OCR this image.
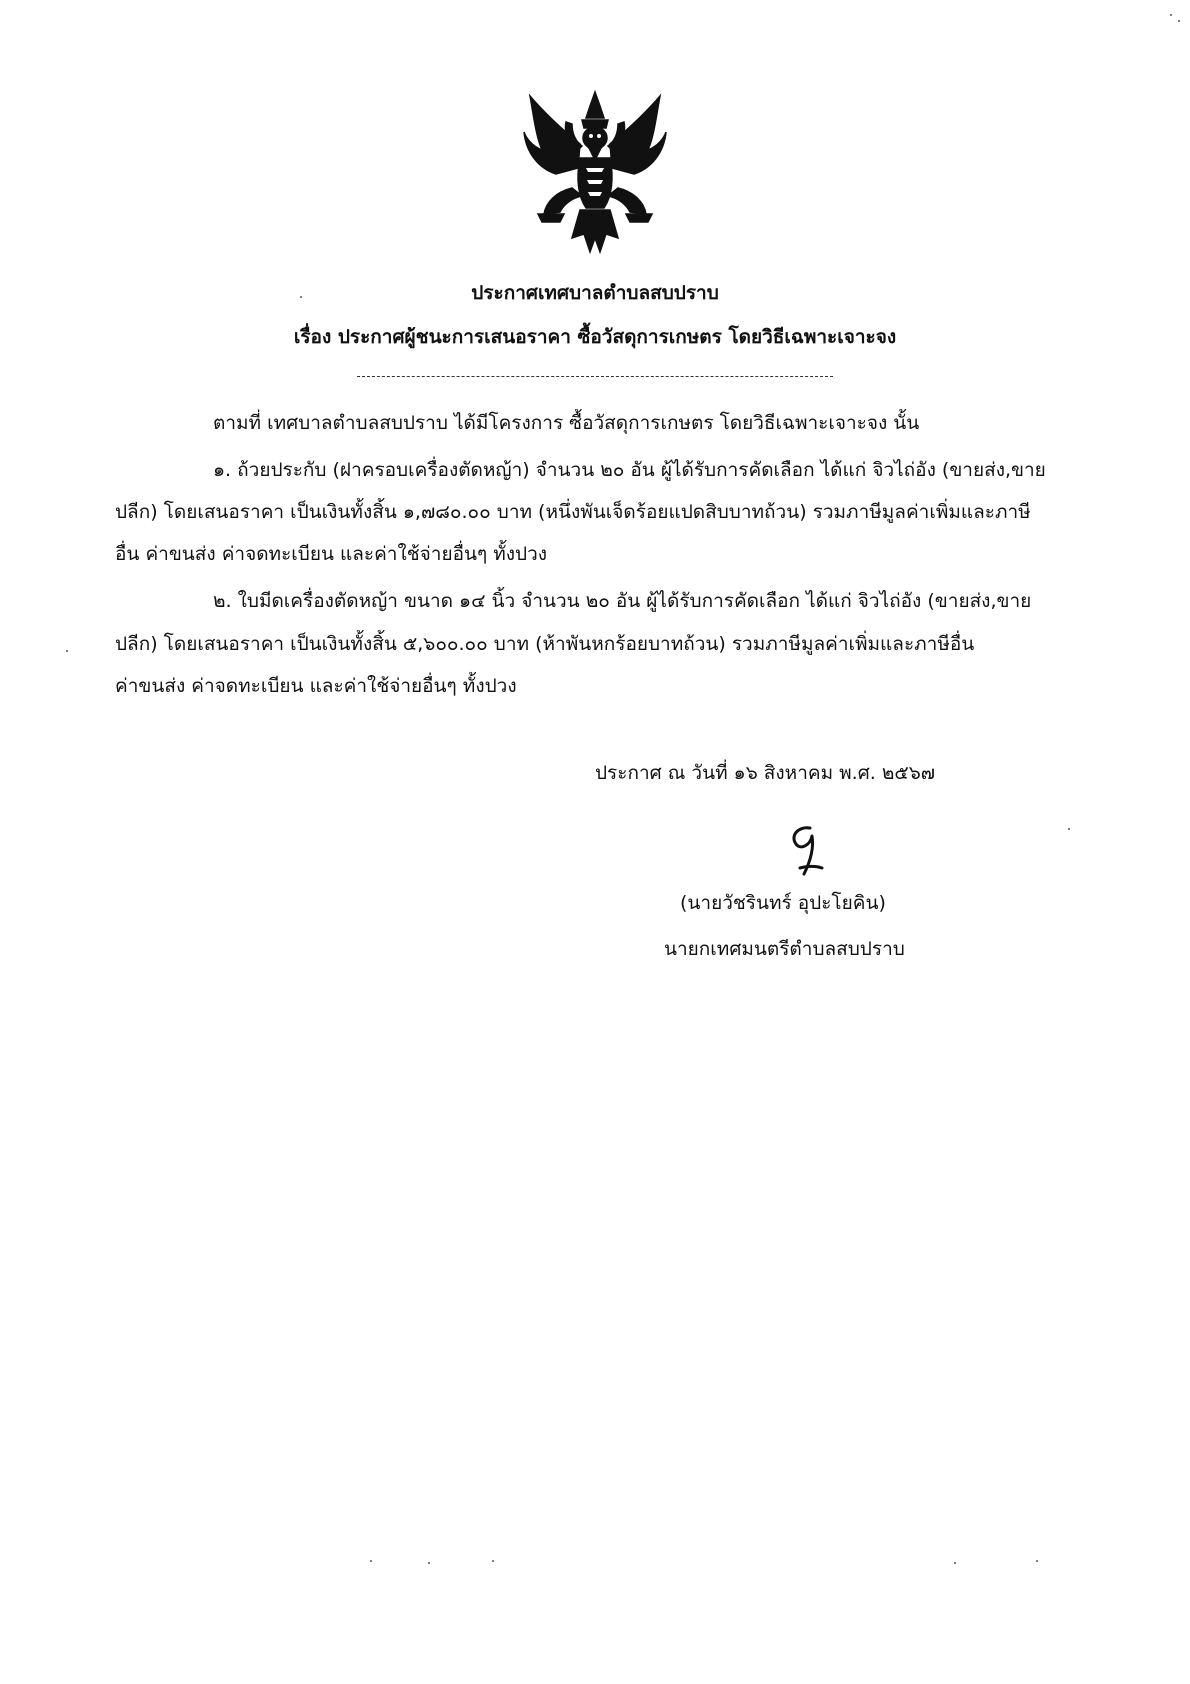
ประกาศเทศบาลตำบลสบปราบ
เรื่อง ประกาศผู้ชนะการเสนอราคา ซื้อวัสดุการเกษตร โดยวิธีเฉพาะเจาะจง
ตามที่ เทศบาลตำบลสบปราบ ได้มีโครงการ ซื้อวัสดุการเกษตร โดยวิธีเฉพาะเจาะจง นั้น
๑. ถ้วยประกับ (ฝาครอบเครื่องตัดหญ้า) จำนวน ๒๐ อัน ผู้ได้รับการคัดเลือก ได้แก่ จิวไถ่อัง (ขายส่ง,ขาย
ปลีก) โดยเสนอราคา เป็นเงินทั้งสิ้น ๑,๗๘๐.๐๐ บาท (หนึ่งพันเจ็ดร้อยแปดสิบบาทถ้วน) รวมภาษีมูลค่าเพิ่มและภาษี
อื่น ค่าขนส่ง ค่าจดทะเบียน และค่าใช้จ่ายอื่นๆ ทั้งปวง
๒. ใบมีดเครื่องตัดหญ้า ขนาด ๑๔ นิ้ว จำนวน ๒๐ อัน ผู้ได้รับการคัดเลือก ได้แก่ จิวไถ่อัง (ขายส่ง,ขาย
ปลีก) โดยเสนอราคา เป็นเงินทั้งสิ้น ๕,๖๐๐.๐๐ บาท (ห้าพันหกร้อยบาทถ้วน) รวมภาษีมูลค่าเพิ่มและภาษีอื่น
ค่าขนส่ง ค่าจดทะเบียน และค่าใช้จ่ายอื่นๆ ทั้งปวง
ประกาศ ณ วันที่ ๑๖ สิงหาคม พ.ศ. ๒๕๖๗
(นายวัชรินทร์ อุปะโยคิน)
นายกเทศมนตรีตำบลสบปราบ
